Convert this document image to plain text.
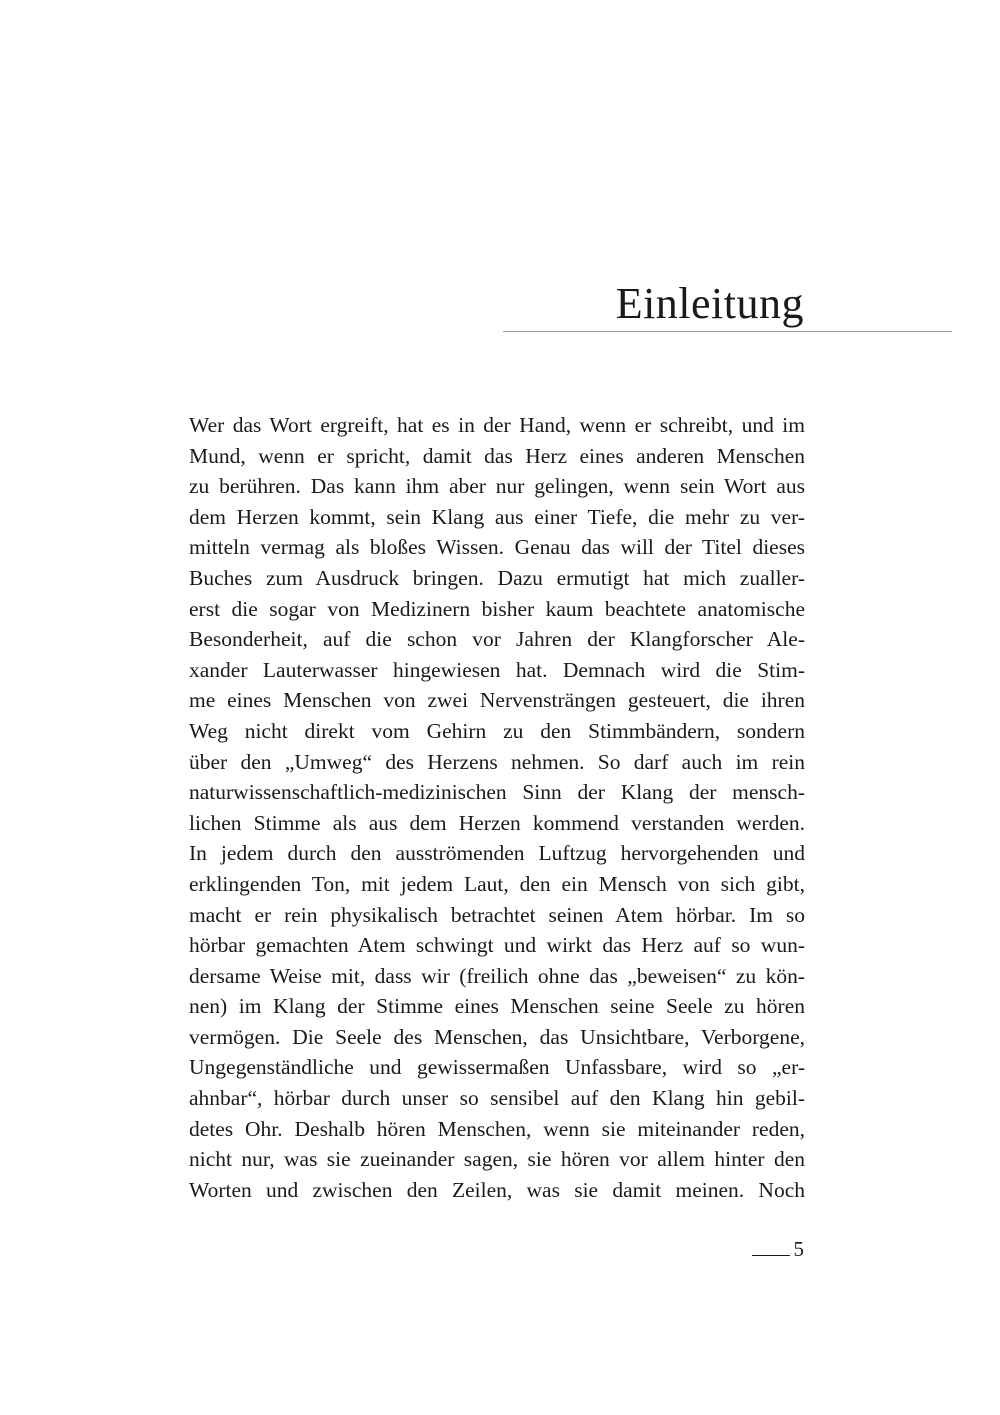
Einleitung
Wer das Wort ergreift, hat es in der Hand, wenn er schreibt, und im
Mund, wenn er spricht, damit das Herz eines anderen Menschen
zu berühren. Das kann ihm aber nur gelingen, wenn sein Wort aus
dem Herzen kommt, sein Klang aus einer Tiefe, die mehr zu ver-
mitteln vermag als bloßes Wissen. Genau das will der Titel dieses
Buches zum Ausdruck bringen. Dazu ermutigt hat mich zualler-
erst die sogar von Medizinern bisher kaum beachtete anatomische
Besonderheit, auf die schon vor Jahren der Klangforscher Ale-
xander Lauterwasser hingewiesen hat. Demnach wird die Stim-
me eines Menschen von zwei Nervensträngen gesteuert, die ihren
Weg nicht direkt vom Gehirn zu den Stimmbändern, sondern
über den „Umweg“ des Herzens nehmen. So darf auch im rein
naturwissenschaftlich-medizinischen Sinn der Klang der mensch-
lichen Stimme als aus dem Herzen kommend verstanden werden.
In jedem durch den ausströmenden Luftzug hervorgehenden und
erklingenden Ton, mit jedem Laut, den ein Mensch von sich gibt,
macht er rein physikalisch betrachtet seinen Atem hörbar. Im so
hörbar gemachten Atem schwingt und wirkt das Herz auf so wun-
dersame Weise mit, dass wir (freilich ohne das „beweisen“ zu kön-
nen) im Klang der Stimme eines Menschen seine Seele zu hören
vermögen. Die Seele des Menschen, das Unsichtbare, Verborgene,
Ungegenständliche und gewissermaßen Unfassbare, wird so „er-
ahnbar“, hörbar durch unser so sensibel auf den Klang hin gebil-
detes Ohr. Deshalb hören Menschen, wenn sie miteinander reden,
nicht nur, was sie zueinander sagen, sie hören vor allem hinter den
Worten und zwischen den Zeilen, was sie damit meinen. Noch
5
